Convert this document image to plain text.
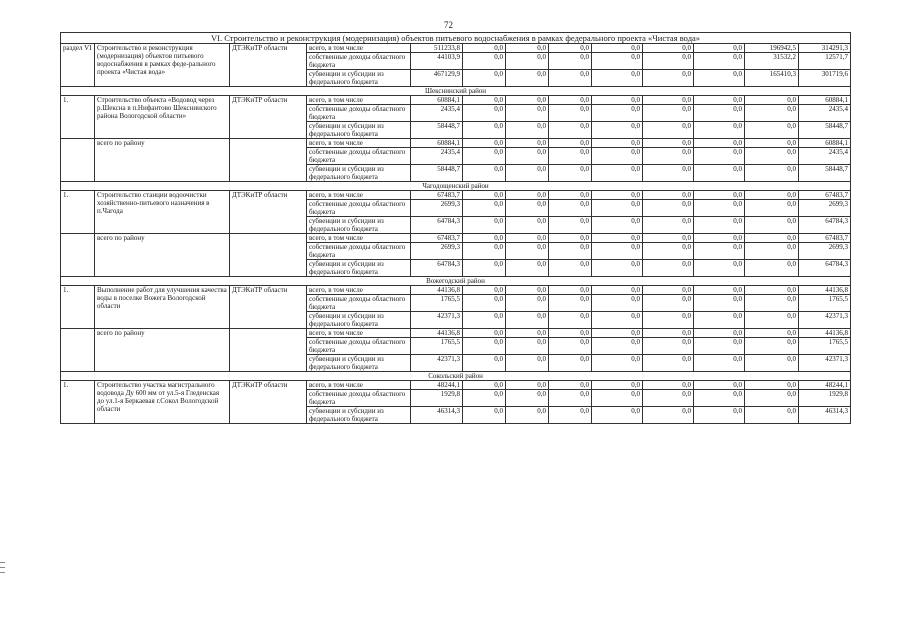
72
VI. Строительство и реконструкция (модернизация) объектов питьевого водоснабжения в рамках федерального проекта «Чистая вода»												
раздел VI	Строительство и реконструкция (модернизация) объектов питьевого водоснабжения в рамках феде-рального проекта «Чистая вода»	ДТЭКиТР области	всего, в том числе	511233,8	0,0	0,0	0,0	0,0	0,0	0,0	196942,5	314291,3
			собственные доходы областного бюджета	44103,9	0,0	0,0	0,0	0,0	0,0	0,0	31532,2	12571,7
			субвенции и субсидии из федерального бюджета	467129,9	0,0	0,0	0,0	0,0	0,0	0,0	165410,3	301719,6
Шекснинский район												
1.	Строительство объекта «Водовод через р.Шексна в п.Нифантово Шекснинского района Вологодской области»	ДТЭКиТР области	всего, в том числе	60884,1	0,0	0,0	0,0	0,0	0,0	0,0	0,0	60884,1
			собственные доходы областного бюджета	2435,4	0,0	0,0	0,0	0,0	0,0	0,0	0,0	2435,4
			субвенции и субсидии из федерального бюджета	58448,7	0,0	0,0	0,0	0,0	0,0	0,0	0,0	58448,7
	всего по району		всего, в том числе	60884,1	0,0	0,0	0,0	0,0	0,0	0,0	0,0	60884,1
			собственные доходы областного бюджета	2435,4	0,0	0,0	0,0	0,0	0,0	0,0	0,0	2435,4
			субвенции и субсидии из федерального бюджета	58448,7	0,0	0,0	0,0	0,0	0,0	0,0	0,0	58448,7
Чагодощенский район												
1.	Строительство станции водоочистки хозяйственно-питьевого назначения в п.Чагода	ДТЭКиТР области	всего, в том числе	67483,7	0,0	0,0	0,0	0,0	0,0	0,0	0,0	67483,7
			собственные доходы областного бюджета	2699,3	0,0	0,0	0,0	0,0	0,0	0,0	0,0	2699,3
			субвенции и субсидии из федерального бюджета	64784,3	0,0	0,0	0,0	0,0	0,0	0,0	0,0	64784,3
	всего по району		всего, в том числе	67483,7	0,0	0,0	0,0	0,0	0,0	0,0	0,0	67483,7
			собственные доходы областного бюджета	2699,3	0,0	0,0	0,0	0,0	0,0	0,0	0,0	2699,3
			субвенции и субсидии из федерального бюджета	64784,3	0,0	0,0	0,0	0,0	0,0	0,0	0,0	64784,3
Вожегодский район												
1.	Выполнение работ для улучшения качества воды в поселке Вожега Вологодской области	ДТЭКиТР области	всего, в том числе	44136,8	0,0	0,0	0,0	0,0	0,0	0,0	0,0	44136,8
			собственные доходы областного бюджета	1765,5	0,0	0,0	0,0	0,0	0,0	0,0	0,0	1765,5
			субвенции и субсидии из федерального бюджета	42371,3	0,0	0,0	0,0	0,0	0,0	0,0	0,0	42371,3
	всего по району		всего, в том числе	44136,8	0,0	0,0	0,0	0,0	0,0	0,0	0,0	44136,8
			собственные доходы областного бюджета	1765,5	0,0	0,0	0,0	0,0	0,0	0,0	0,0	1765,5
			субвенции и субсидии из федерального бюджета	42371,3	0,0	0,0	0,0	0,0	0,0	0,0	0,0	42371,3
Сокольский район												
1.	Строительство участка магистрального водовода Ду 600 мм от ул.5-я Гледенская до ул.1-я Беркаевая г.Сокол Вологодской области	ДТЭКиТР области	всего, в том числе	48244,1	0,0	0,0	0,0	0,0	0,0	0,0	0,0	48244,1
			собственные доходы областного бюджета	1929,8	0,0	0,0	0,0	0,0	0,0	0,0	0,0	1929,8
			субвенции и субсидии из федерального бюджета	46314,3	0,0	0,0	0,0	0,0	0,0	0,0	0,0	46314,3
